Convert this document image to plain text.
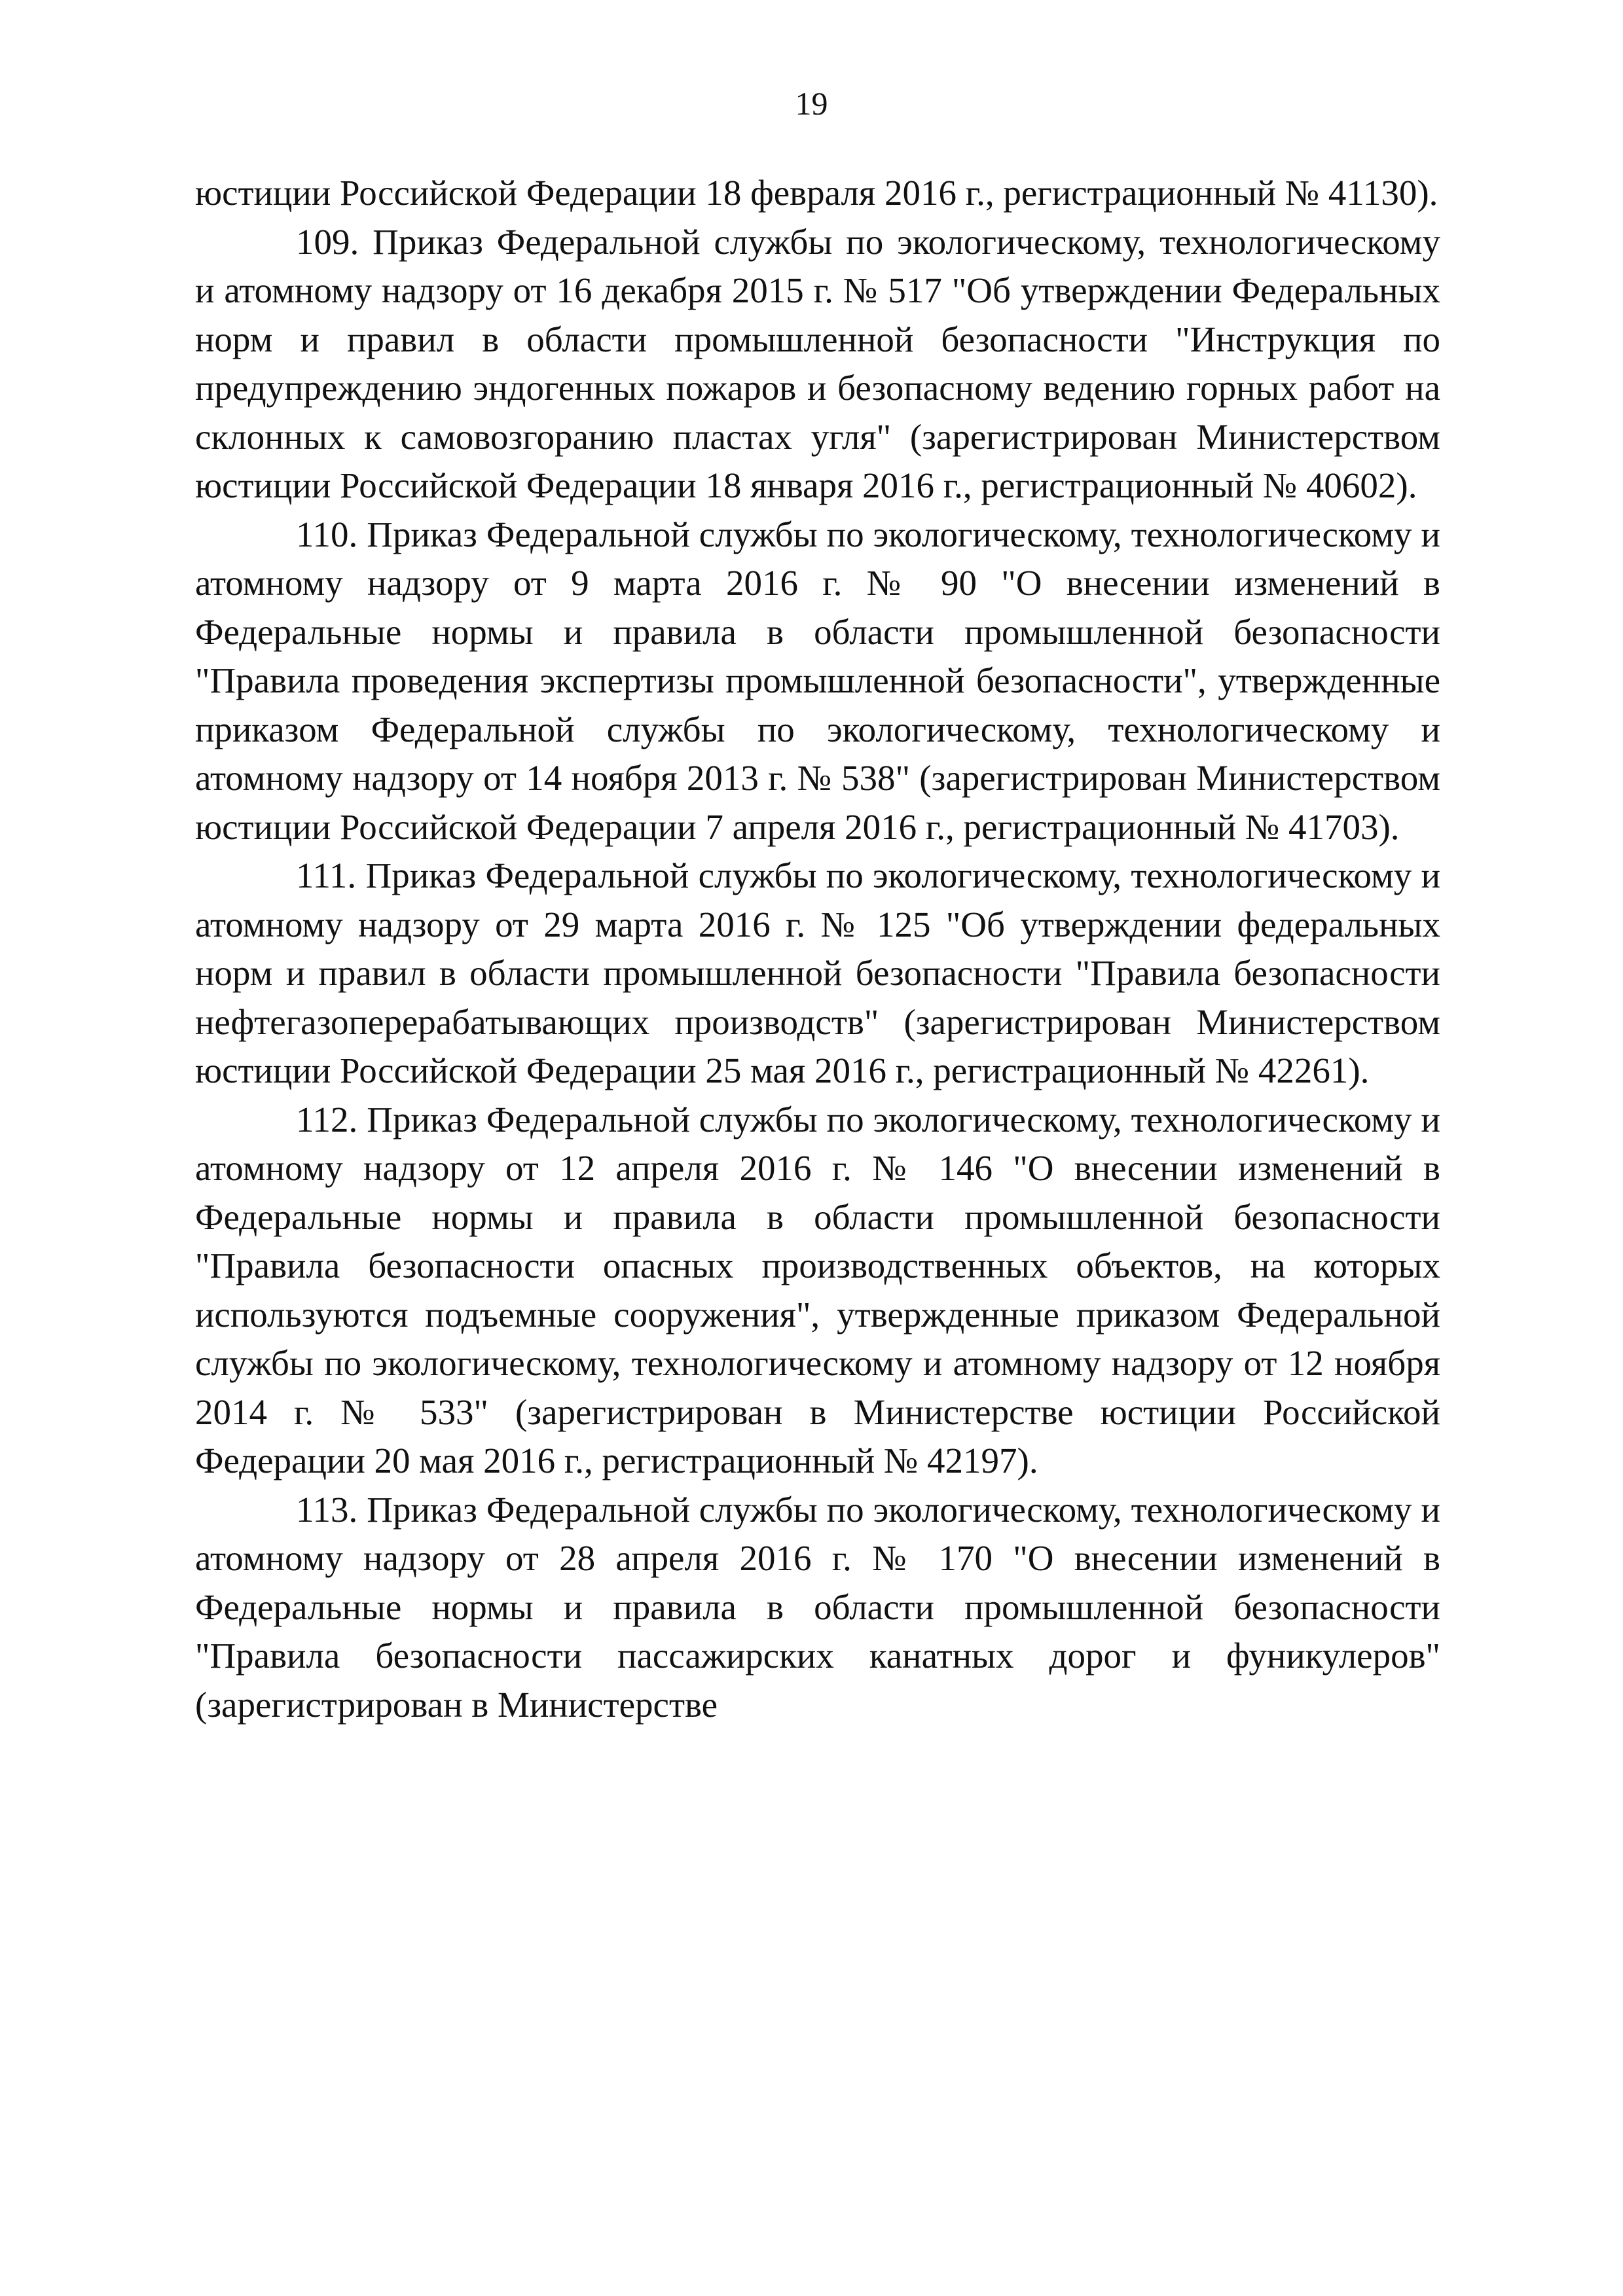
19

юстиции Российской Федерации 18 февраля 2016 г., регистрационный № 41130).

109. Приказ Федеральной службы по экологическому, технологическому и атомному надзору от 16 декабря 2015 г. № 517 "Об утверждении Федеральных норм и правил в области промышленной безопасности "Инструкция по предупреждению эндогенных пожаров и безопасному ведению горных работ на склонных к самовозгоранию пластах угля" (зарегистрирован Министерством юстиции Российской Федерации 18 января 2016 г., регистрационный № 40602).

110. Приказ Федеральной службы по экологическому, технологическому и атомному надзору от 9 марта 2016 г. № 90 "О внесении изменений в Федеральные нормы и правила в области промышленной безопасности "Правила проведения экспертизы промышленной безопасности", утвержденные приказом Федеральной службы по экологическому, технологическому и атомному надзору от 14 ноября 2013 г. № 538" (зарегистрирован Министерством юстиции Российской Федерации 7 апреля 2016 г., регистрационный № 41703).

111. Приказ Федеральной службы по экологическому, технологическому и атомному надзору от 29 марта 2016 г. № 125 "Об утверждении федеральных норм и правил в области промышленной безопасности "Правила безопасности нефтегазоперерабатывающих производств" (зарегистрирован Министерством юстиции Российской Федерации 25 мая 2016 г., регистрационный № 42261).

112. Приказ Федеральной службы по экологическому, технологическому и атомному надзору от 12 апреля 2016 г. № 146 "О внесении изменений в Федеральные нормы и правила в области промышленной безопасности "Правила безопасности опасных производственных объектов, на которых используются подъемные сооружения", утвержденные приказом Федеральной службы по экологическому, технологическому и атомному надзору от 12 ноября 2014 г. № 533" (зарегистрирован в Министерстве юстиции Российской Федерации 20 мая 2016 г., регистрационный № 42197).

113. Приказ Федеральной службы по экологическому, технологическому и атомному надзору от 28 апреля 2016 г. № 170 "О внесении изменений в Федеральные нормы и правила в области промышленной безопасности "Правила безопасности пассажирских канатных дорог и фуникулеров" (зарегистрирован в Министерстве
